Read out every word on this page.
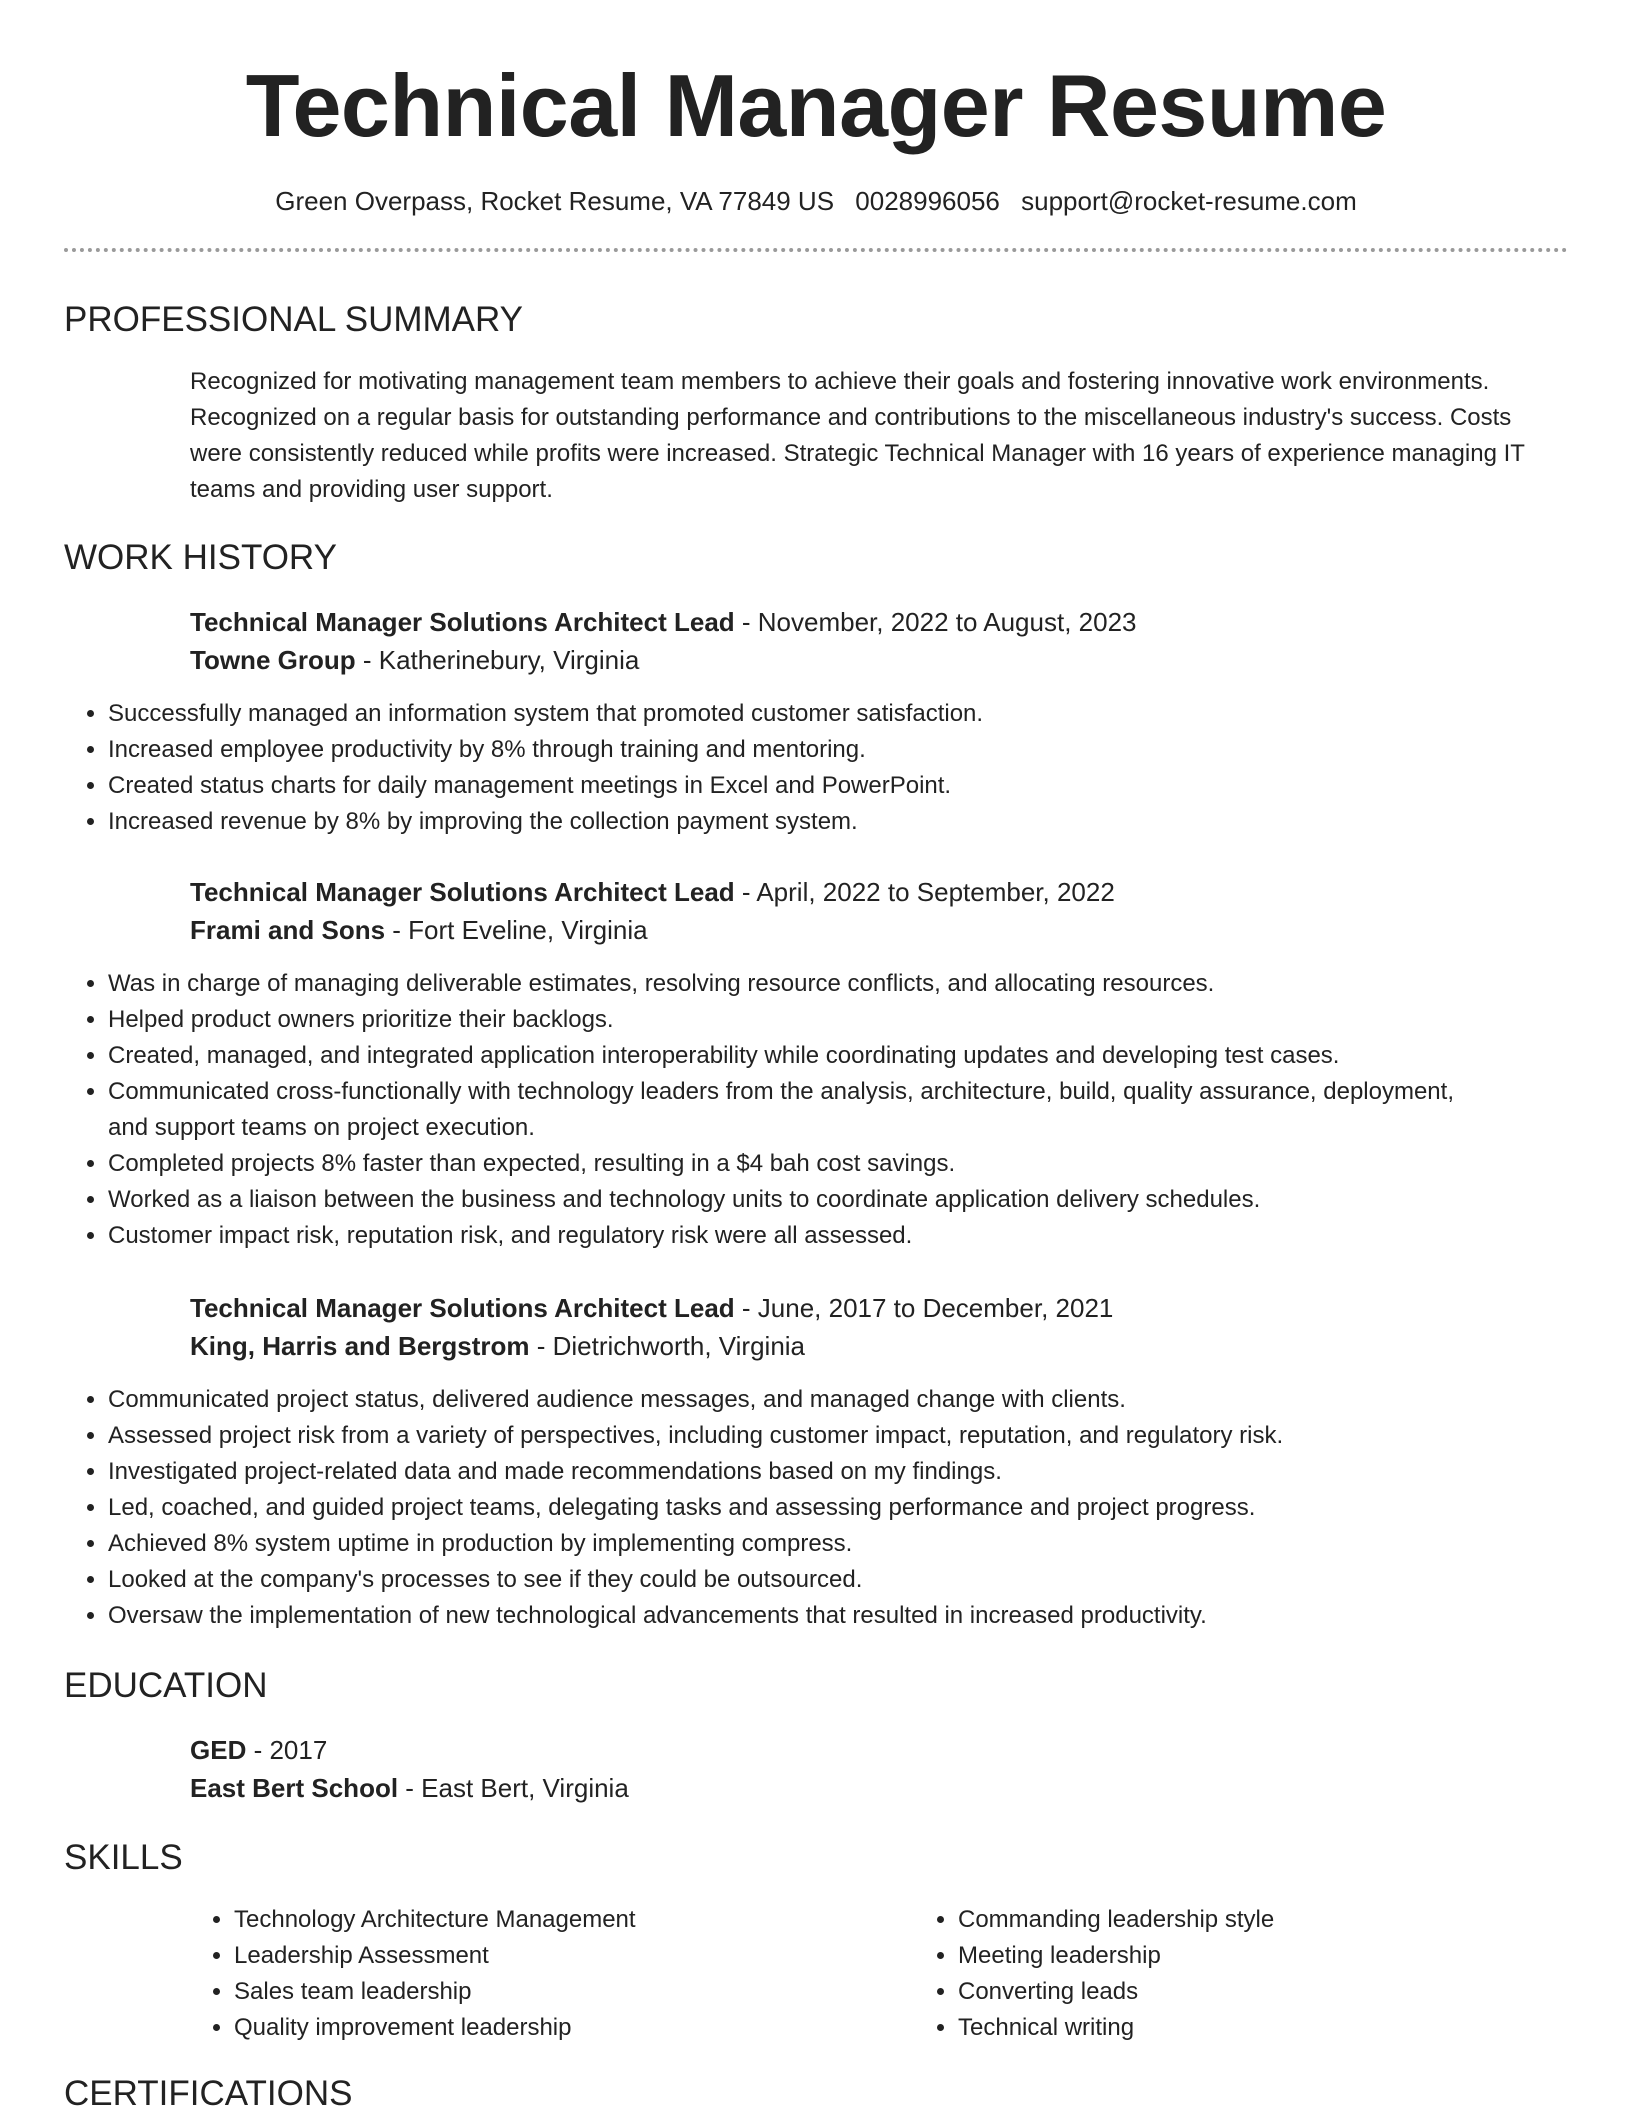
Technical Manager Resume
Green Overpass, Rocket Resume, VA 77849 US 0028996056 support@rocket-resume.com
PROFESSIONAL SUMMARY

Recognized for motivating management team members to achieve their goals and fostering innovative work environments. Recognized on a regular basis for outstanding performance and contributions to the miscellaneous industry's success. Costs were consistently reduced while profits were increased. Strategic Technical Manager with 16 years of experience managing IT teams and providing user support.

WORK HISTORY

Technical Manager Solutions Architect Lead - November, 2022 to August, 2023

Towne Group - Katherinebury, Virginia

• Successfully managed an information system that promoted customer satisfaction.
• Increased employee productivity by 8% through training and mentoring.
• Created status charts for daily management meetings in Excel and PowerPoint.
• Increased revenue by 8% by improving the collection payment system.

Technical Manager Solutions Architect Lead - April, 2022 to September, 2022

Frami and Sons - Fort Eveline, Virginia

• Was in charge of managing deliverable estimates, resolving resource conflicts, and allocating resources.
• Helped product owners prioritize their backlogs.
• Created, managed, and integrated application interoperability while coordinating updates and developing test cases.
• Communicated cross-functionally with technology leaders from the analysis, architecture, build, quality assurance, deployment, and support teams on project execution.
• Completed projects 8% faster than expected, resulting in a $4 bah cost savings.
• Worked as a liaison between the business and technology units to coordinate application delivery schedules.
• Customer impact risk, reputation risk, and regulatory risk were all assessed.

Technical Manager Solutions Architect Lead - June, 2017 to December, 2021

King, Harris and Bergstrom - Dietrichworth, Virginia

• Communicated project status, delivered audience messages, and managed change with clients.
• Assessed project risk from a variety of perspectives, including customer impact, reputation, and regulatory risk.
• Investigated project-related data and made recommendations based on my findings.
• Led, coached, and guided project teams, delegating tasks and assessing performance and project progress.
• Achieved 8% system uptime in production by implementing compress.
• Looked at the company's processes to see if they could be outsourced.
• Oversaw the implementation of new technological advancements that resulted in increased productivity.
EDUCATION

GED - 2017

East Bert School - East Bert, Virginia

SKILLS
• Technology Architecture Management
• Leadership Assessment
• Sales team leadership
• Quality improvement leadership
• Commanding leadership style
• Meeting leadership
• Converting leads
• Technical writing
CERTIFICATIONS
